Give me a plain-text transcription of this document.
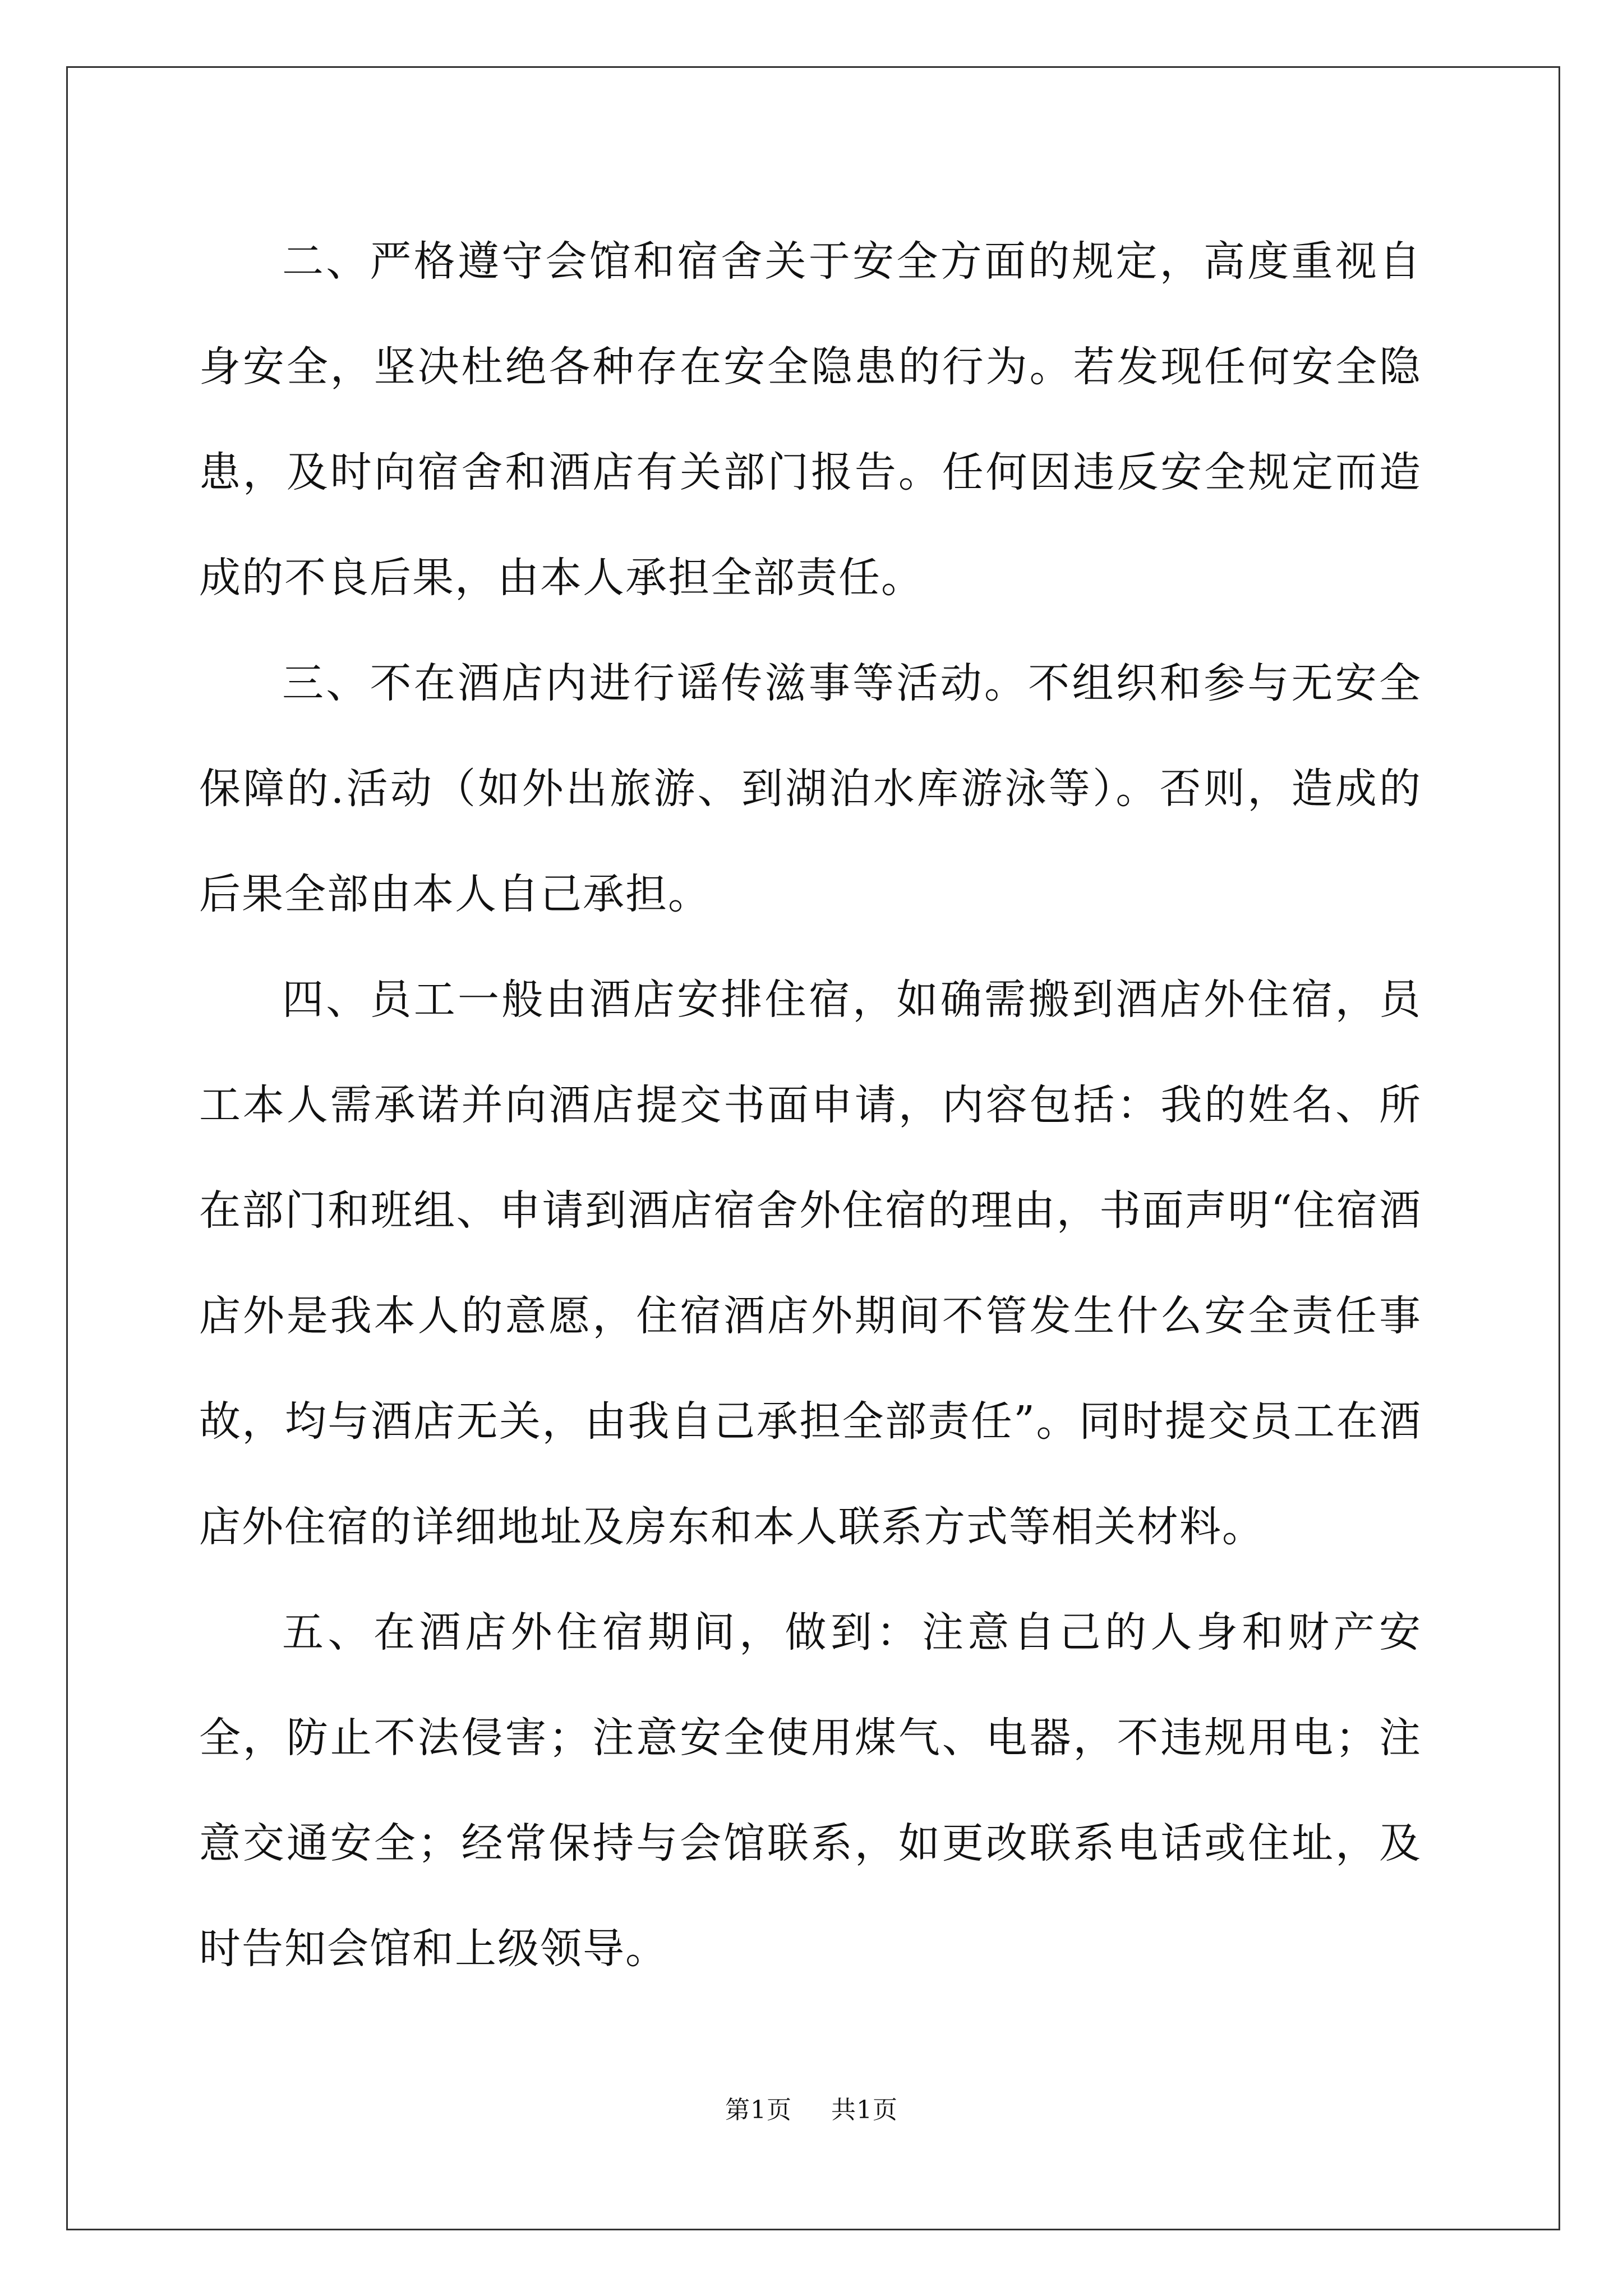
二、严格遵守会馆和宿舍关于安全方面的规定，高度重视自身安全，坚决杜绝各种存在安全隐患的行为。若发现任何安全隐患，及时向宿舍和酒店有关部门报告。任何因违反安全规定而造成的不良后果，由本人承担全部责任。

三、不在酒店内进行谣传滋事等活动。不组织和参与无安全保障的.活动（如外出旅游、到湖泊水库游泳等）。否则，造成的后果全部由本人自己承担。

四、员工一般由酒店安排住宿，如确需搬到酒店外住宿，员工本人需承诺并向酒店提交书面申请，内容包括：我的姓名、所在部门和班组、申请到酒店宿舍外住宿的理由，书面声明“住宿酒店外是我本人的意愿，住宿酒店外期间不管发生什么安全责任事故，均与酒店无关，由我自己承担全部责任”。同时提交员工在酒店外住宿的详细地址及房东和本人联系方式等相关材料。

五、在酒店外住宿期间，做到：注意自己的人身和财产安全，防止不法侵害；注意安全使用煤气、电器，不违规用电；注意交通安全；经常保持与会馆联系，如更改联系电话或住址，及时告知会馆和上级领导。

第1页 共1页
